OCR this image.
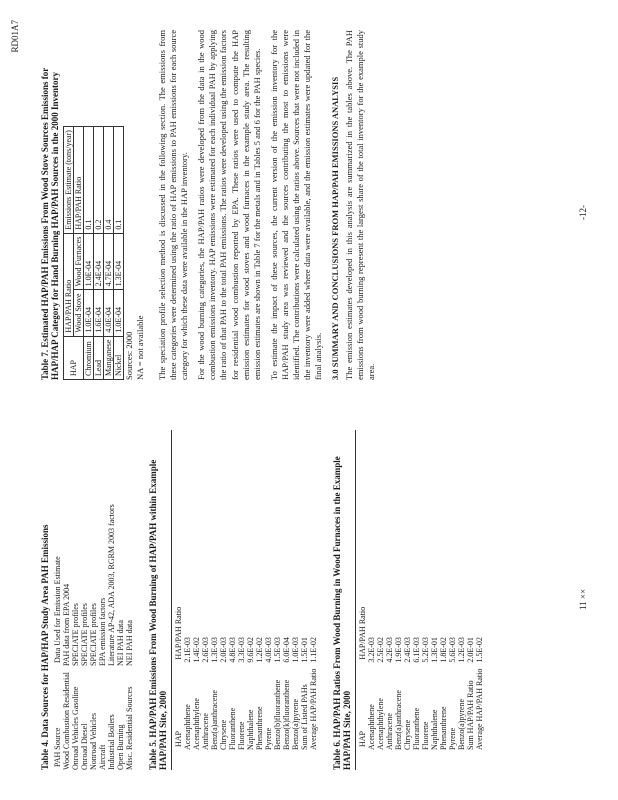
Table 4. Data Sources for HAP/HAP Study Area PAH Emissions PAH Source	Data Used for Emission Estimate
Wood Combustion Residential	PAH data from EPA 2004
Onroad Vehicles Gasoline	SPECIATE profiles
Onroad Diesel	SPECIATE profiles
Nonroad Vehicles	SPECIATE profiles
Aircraft	EPA emission factors
Industrial Boilers	Literature AP-42, ADA 2003, RGRM 2003 factors
Open Burning	NEI PAH data
Misc. Residential Sources	NEI PAH data Table 5. HAP/PAH Emissions From Wood Burning of HAP/PAH within Example HAP/PAH Site, 2000 HAP	HAP/PAH Ratio
Acenaphthene	2.1E-03
Acenaphthylene	1.4E-02
Anthracene	2.6E-03
Benz(a)anthracene	1.3E-03
Chrysene	2.0E-03
Fluoranthene	4.8E-03
Fluorene	3.3E-03
Naphthalene	9.6E-02
Phenanthrene	1.2E-02
Pyrene	4.0E-03
Benzo(b)fluoranthene	1.5E-03
Benzo(k)fluoranthene	6.0E-04
Benzo(a)pyrene	1.0E-03
Sum of Listed PAHs	1.5E-01
Average HAP/PAH Ratio	1.1E-02 Table 6. HAP/PAH Ratios From Wood Burning in Wood Furnaces in the Example HAP/PAH Site, 2000 HAP	HAP/PAH Ratio
Acenaphthene	3.2E-03
Acenaphthylene	2.5E-02
Anthracene	4.2E-03
Benz(a)anthracene	1.9E-03
Chrysene	2.4E-03
Fluoranthene	6.1E-03
Fluorene	5.2E-03
Naphthalene	1.3E-01
Phenanthrene	1.8E-02
Pyrene	5.6E-03
Benzo(a)pyrene	1.2E-03
Sum HAP/PAH Ratio	2.0E-01
Average HAP/PAH Ratio	1.5E-02
11 ××
Table 7. Estimated HAP/PAH Emissions From Wood Stove Sources Emissions for HAP/HAP Category for Hand Burning HAP/PAH Sources in the 2000 Inventory HAP	HAP/PAH Ratio		Emissions Estimate (tons/year)
	Wood Stove	Wood Furnaces	HAP/PAH Ratio
Chromium	1.0E-04	1.0E-04	0.1
Lead	1.6E-04	2.4E-04	0.2
Manganese	4.0E-04	4.7E-04	0.4
Nickel	1.0E-04	1.3E-04	0.1
Sources: 2000 NA = not available The speciation profile selection method is discussed in the following section. The emissions from these categories were determined using the ratio of HAP emissions to PAH emissions for each source category for which these data were available in the HAP inventory. For the wood burning categories, the HAP/PAH ratios were developed from the data in the wood combustion emissions inventory. HAP emissions were estimated for each individual PAH by applying the ratio of that PAH to the total PAH emissions. The ratios were developed using the emission factors for residential wood combustion reported by EPA. These ratios were used to compute the HAP emission estimates for wood stoves and wood furnaces in the example study area. The resulting emission estimates are shown in Table 7 for the metals and in Tables 5 and 6 for the PAH species. To estimate the impact of these sources, the current version of the emission inventory for the HAP/PAH study area was reviewed and the sources contributing the most to emissions were identified. The contributions were calculated using the ratios above. Sources that were not included in the inventory were added where data were available, and the emission estimates were updated for the final analysis. 3.0 SUMMARY AND CONCLUSIONS FROM HAP/PAH EMISSIONS ANALYSIS The emission estimates developed in this analysis are summarized in the tables above. The PAH emissions from wood burning represent the largest share of the total inventory for the example study area.

-12-
RD01A7
